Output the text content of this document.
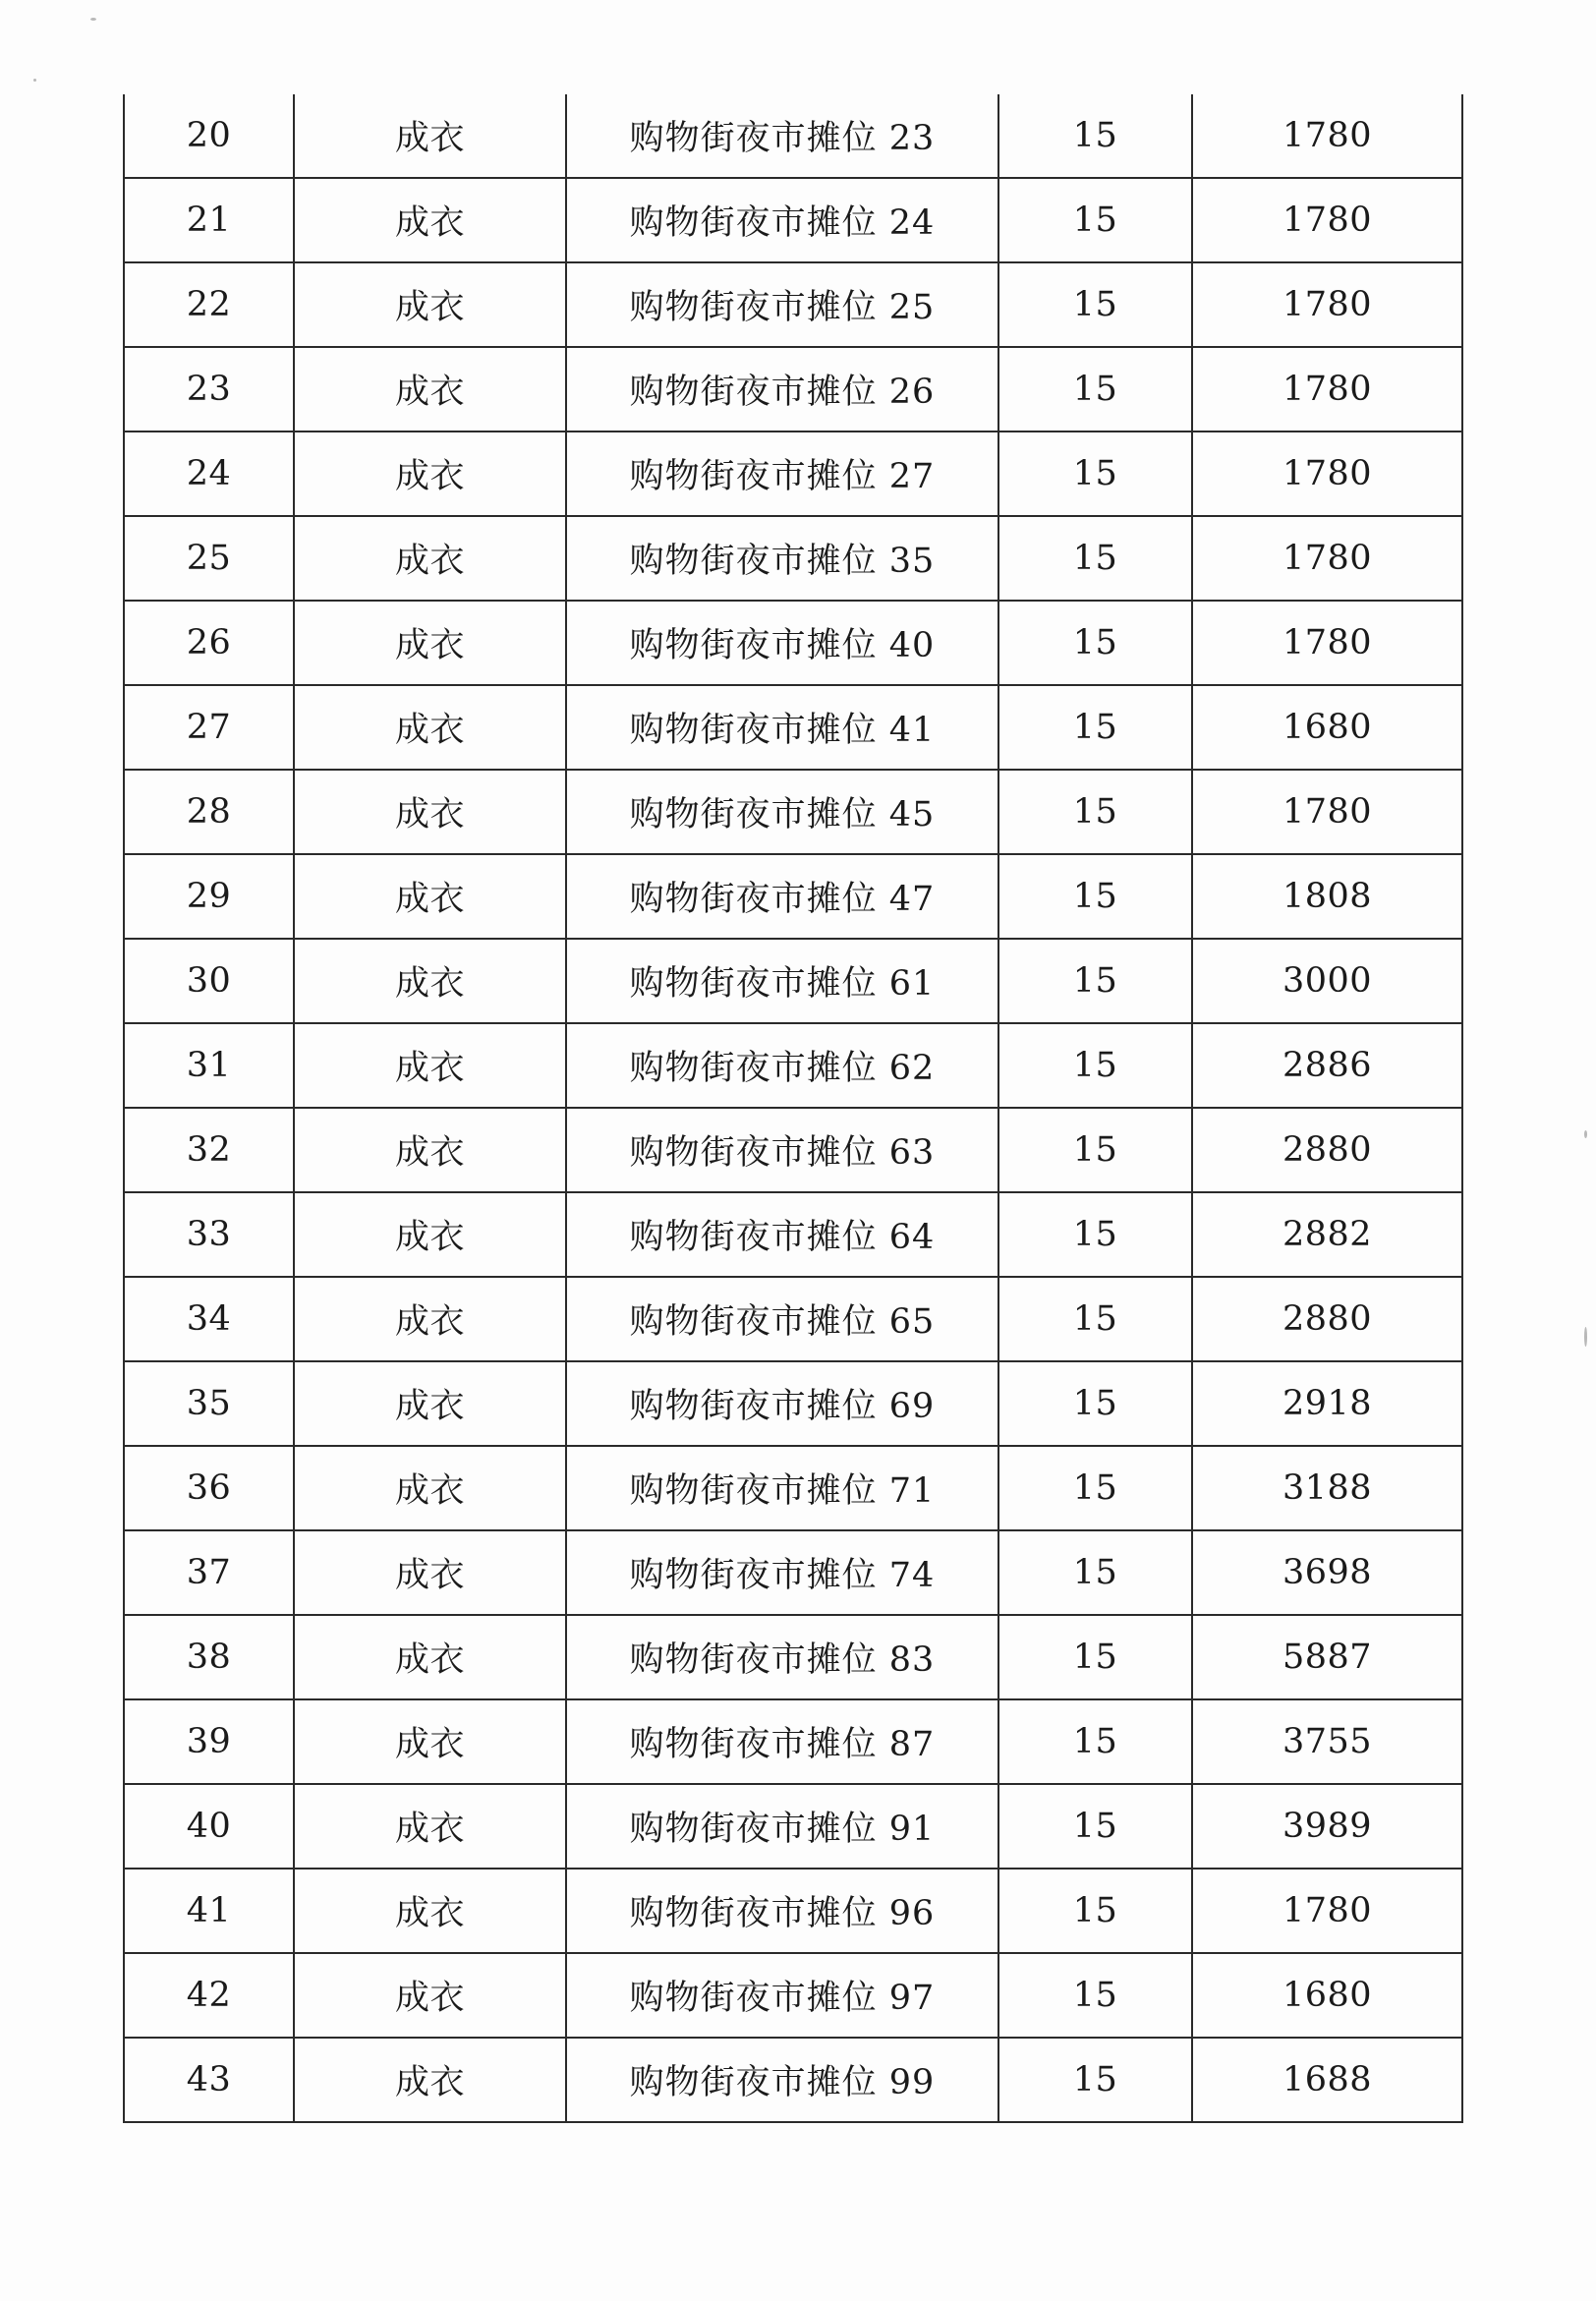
20	成衣	购物街夜市摊位 23	15	1780
21	成衣	购物街夜市摊位 24	15	1780
22	成衣	购物街夜市摊位 25	15	1780
23	成衣	购物街夜市摊位 26	15	1780
24	成衣	购物街夜市摊位 27	15	1780
25	成衣	购物街夜市摊位 35	15	1780
26	成衣	购物街夜市摊位 40	15	1780
27	成衣	购物街夜市摊位 41	15	1680
28	成衣	购物街夜市摊位 45	15	1780
29	成衣	购物街夜市摊位 47	15	1808
30	成衣	购物街夜市摊位 61	15	3000
31	成衣	购物街夜市摊位 62	15	2886
32	成衣	购物街夜市摊位 63	15	2880
33	成衣	购物街夜市摊位 64	15	2882
34	成衣	购物街夜市摊位 65	15	2880
35	成衣	购物街夜市摊位 69	15	2918
36	成衣	购物街夜市摊位 71	15	3188
37	成衣	购物街夜市摊位 74	15	3698
38	成衣	购物街夜市摊位 83	15	5887
39	成衣	购物街夜市摊位 87	15	3755
40	成衣	购物街夜市摊位 91	15	3989
41	成衣	购物街夜市摊位 96	15	1780
42	成衣	购物街夜市摊位 97	15	1680
43	成衣	购物街夜市摊位 99	15	1688
